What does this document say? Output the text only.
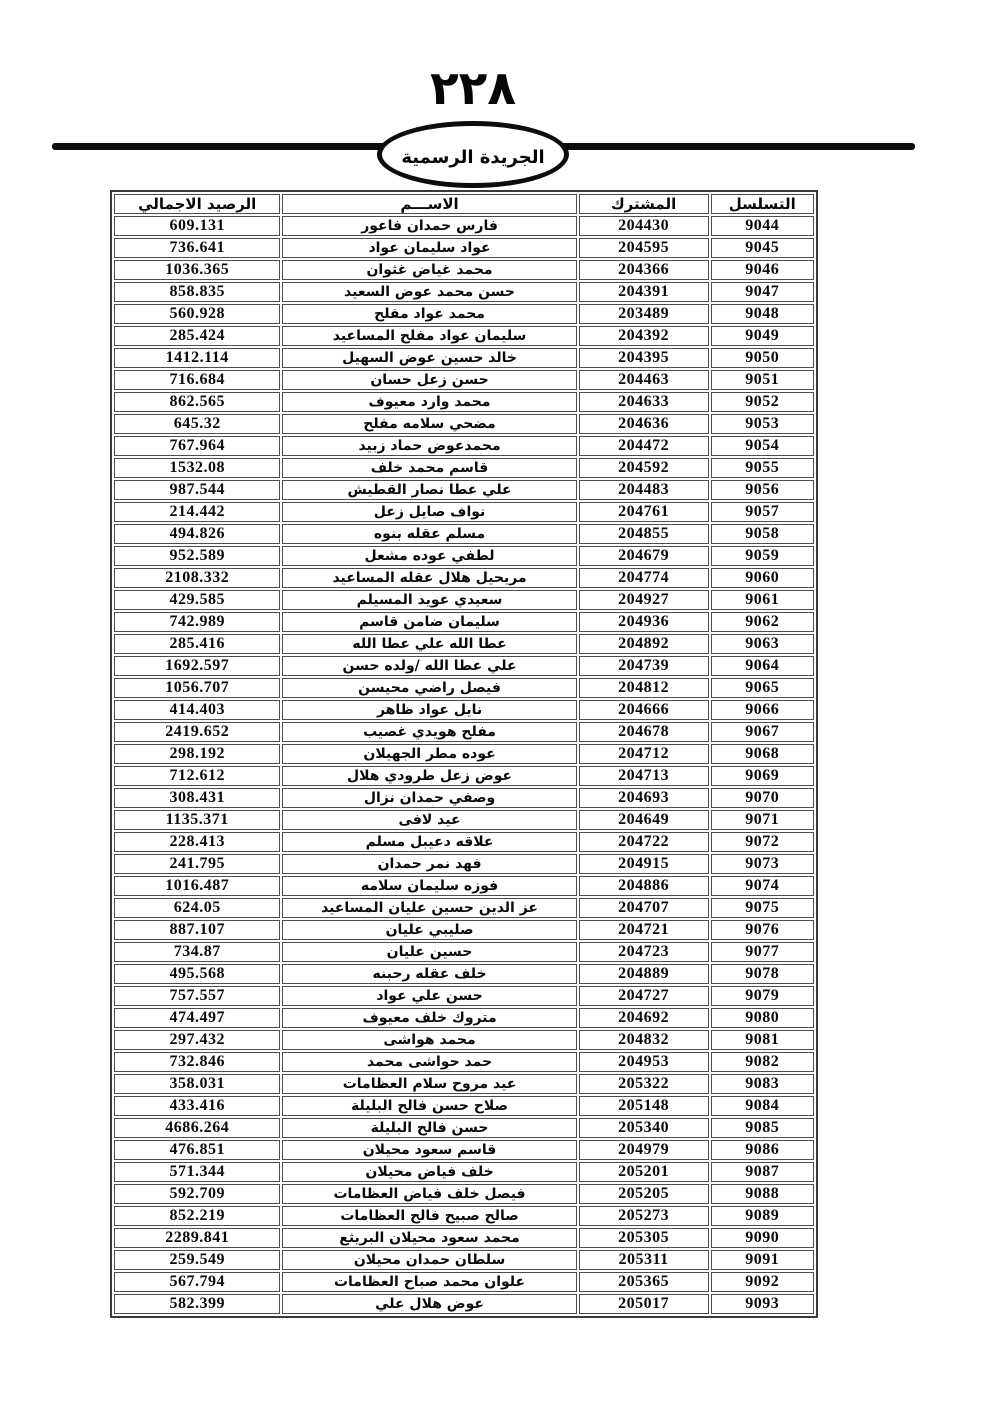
٢٢٨
الجريدة الرسمية
التسلسل	المشترك	الاســـم	الرصيد الاجمالي
9044	204430	فارس حمدان فاعور	609.131
9045	204595	عواد سليمان عواد	736.641
9046	204366	محمد غياض غثوان	1036.365
9047	204391	حسن محمد عوض السعيد	858.835
9048	203489	محمد عواد مفلح	560.928
9049	204392	سليمان عواد مفلح المساعيد	285.424
9050	204395	خالد حسين عوض السهيل	1412.114
9051	204463	حسن زعل حسان	716.684
9052	204633	محمد وارد معيوف	862.565
9053	204636	مضحي سلامه مفلح	645.32
9054	204472	محمدعوض حماد زبيد	767.964
9055	204592	قاسم محمد خلف	1532.08
9056	204483	علي عطا نصار القطيش	987.544
9057	204761	نواف صايل زعل	214.442
9058	204855	مسلم عقله بنوه	494.826
9059	204679	لطفي عوده مشعل	952.589
9060	204774	مريحيل هلال عقله المساعيد	2108.332
9061	204927	سعيدي عويد المسيلم	429.585
9062	204936	سليمان ضامن قاسم	742.989
9063	204892	عطا الله علي عطا الله	285.416
9064	204739	علي عطا الله /ولده حسن	1692.597
9065	204812	فيصل راضي محيسن	1056.707
9066	204666	نايل عواد ظاهر	414.403
9067	204678	مفلح هويدي غصيب	2419.652
9068	204712	عوده مطر الجهيلان	298.192
9069	204713	عوض زعل طرودي هلال	712.612
9070	204693	وصفي حمدان نزال	308.431
9071	204649	عيد لافى	1135.371
9072	204722	علاقه دعيبل مسلم	228.413
9073	204915	فهد نمر حمدان	241.795
9074	204886	فوزه سليمان سلامه	1016.487
9075	204707	عز الدين حسين عليان المساعيد	624.05
9076	204721	صليبي عليان	887.107
9077	204723	حسين عليان	734.87
9078	204889	خلف عقله رحبنه	495.568
9079	204727	حسن علي عواد	757.557
9080	204692	متروك خلف معيوف	474.497
9081	204832	محمد هواشى	297.432
9082	204953	حمد حواشى محمد	732.846
9083	205322	عيد مروح سلام العظامات	358.031
9084	205148	صلاح حسن فالح البليلة	433.416
9085	205340	حسن فالح البليلة	4686.264
9086	204979	قاسم سعود محيلان	476.851
9087	205201	خلف فياض محيلان	571.344
9088	205205	فيصل خلف فياض العظامات	592.709
9089	205273	صالح صبيح فالح العظامات	852.219
9090	205305	محمد سعود محيلان البريثع	2289.841
9091	205311	سلطان حمدان محيلان	259.549
9092	205365	علوان محمد صباح العظامات	567.794
9093	205017	عوض هلال علي	582.399
